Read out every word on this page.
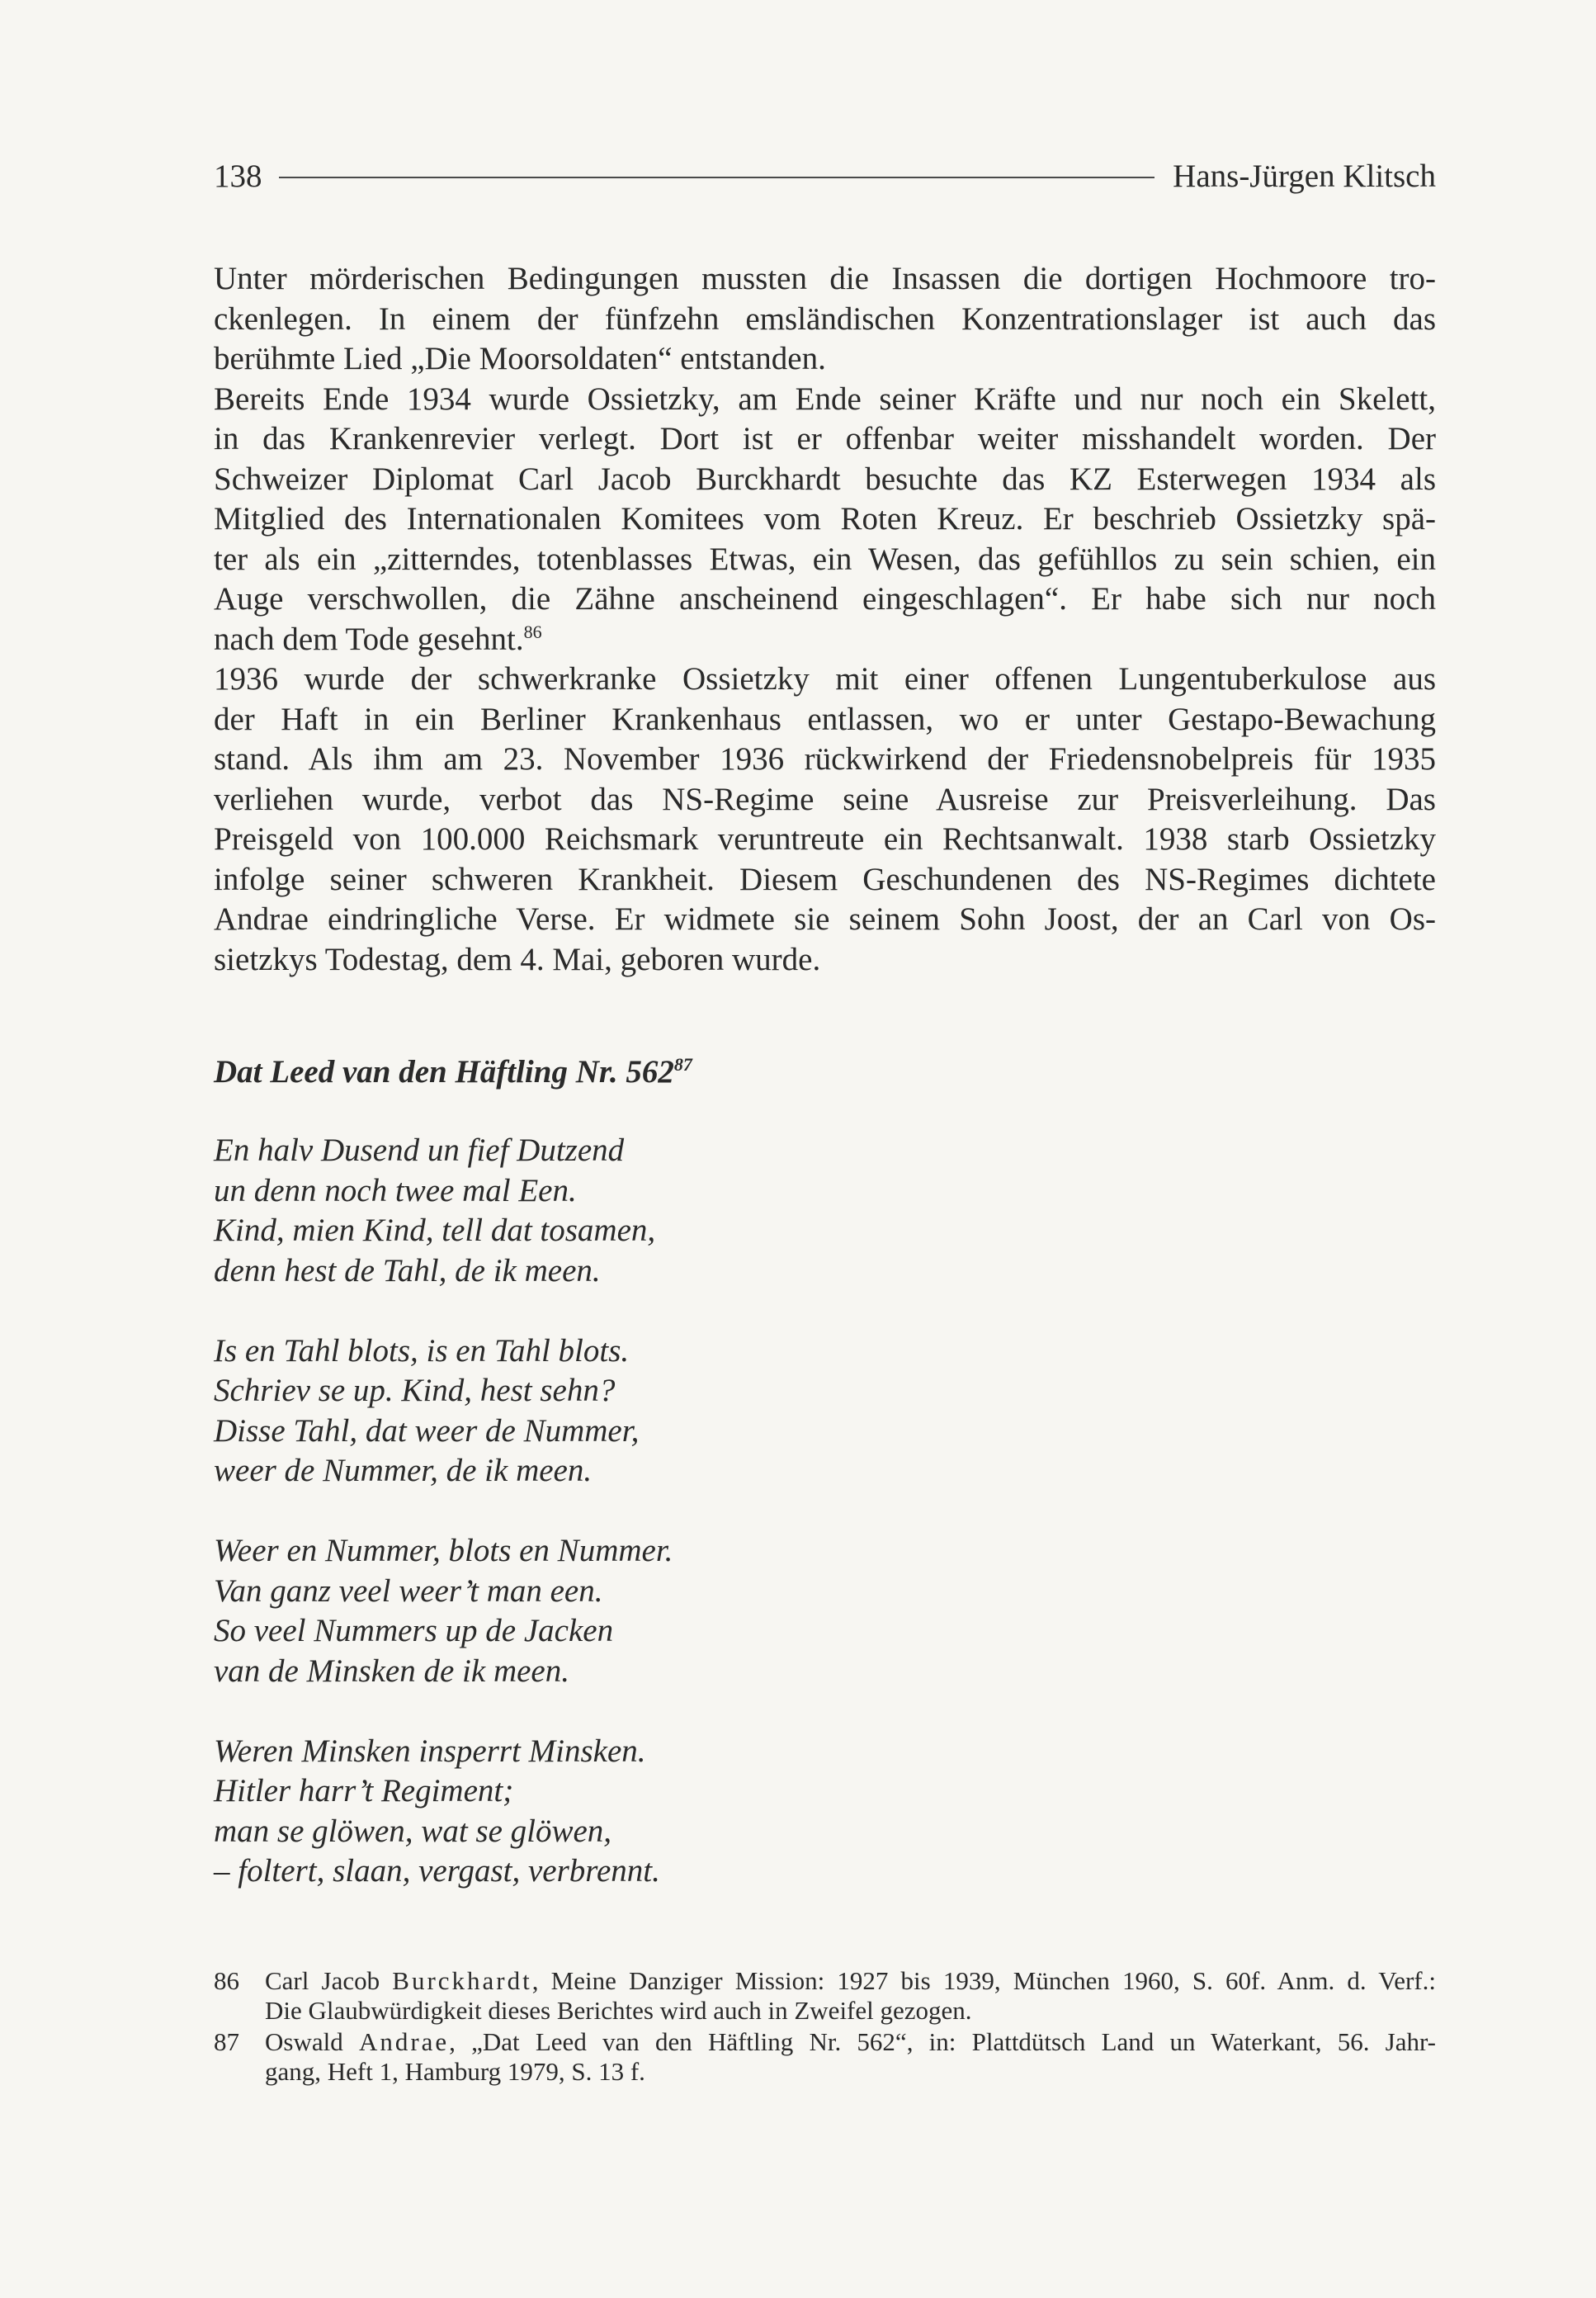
138	Hans-Jürgen Klitsch
Unter mörderischen Bedingungen mussten die Insassen die dortigen Hochmoore tro-
ckenlegen. In einem der fünfzehn emsländischen Konzentrationslager ist auch das
berühmte Lied „Die Moorsoldaten“ entstanden.
Bereits Ende 1934 wurde Ossietzky, am Ende seiner Kräfte und nur noch ein Skelett,
in das Krankenrevier verlegt. Dort ist er offenbar weiter misshandelt worden. Der
Schweizer Diplomat Carl Jacob Burckhardt besuchte das KZ Esterwegen 1934 als
Mitglied des Internationalen Komitees vom Roten Kreuz. Er beschrieb Ossietzky spä-
ter als ein „zitterndes, totenblasses Etwas, ein Wesen, das gefühllos zu sein schien, ein
Auge verschwollen, die Zähne anscheinend eingeschlagen“. Er habe sich nur noch
nach dem Tode gesehnt.$^{86}$
1936 wurde der schwerkranke Ossietzky mit einer offenen Lungentuberkulose aus
der Haft in ein Berliner Krankenhaus entlassen, wo er unter Gestapo-Bewachung
stand. Als ihm am 23. November 1936 rückwirkend der Friedensnobelpreis für 1935
verliehen wurde, verbot das NS-Regime seine Ausreise zur Preisverleihung. Das
Preisgeld von 100.000 Reichsmark veruntreute ein Rechtsanwalt. 1938 starb Ossietzky
infolge seiner schweren Krankheit. Diesem Geschundenen des NS-Regimes dichtete
Andrae eindringliche Verse. Er widmete sie seinem Sohn Joost, der an Carl von Os-
sietzkys Todestag, dem 4. Mai, geboren wurde.
Dat Leed van den Häftling Nr. $562^{87}$
En halv Dusend un fief Dutzend
un denn noch twee mal Een.
Kind, mien Kind, tell dat tosamen,
denn hest de Tahl, de ik meen.
Is en Tahl blots, is en Tahl blots.
Schriev se up. Kind, hest sehn?
Disse Tahl, dat weer de Nummer,
weer de Nummer, de ik meen.
Weer en Nummer, blots en Nummer.
Van ganz veel weer’t man een.
So veel Nummers up de Jacken
van de Minsken de ik meen.
Weren Minsken insperrt Minsken.
Hitler harr’t Regiment;
man se glöwen, wat se glöwen,
– foltert, slaan, vergast, verbrennt.
86	Carl Jacob Burckhardt, Meine Danziger Mission: 1927 bis 1939, München 1960, S. 60f. Anm. d. Verf.:
Die Glaubwürdigkeit dieses Berichtes wird auch in Zweifel gezogen.
87	Oswald Andrae, „Dat Leed van den Häftling Nr. 562“, in: Plattdütsch Land un Waterkant, 56. Jahr-
gang, Heft 1, Hamburg 1979, S. 13 f.
